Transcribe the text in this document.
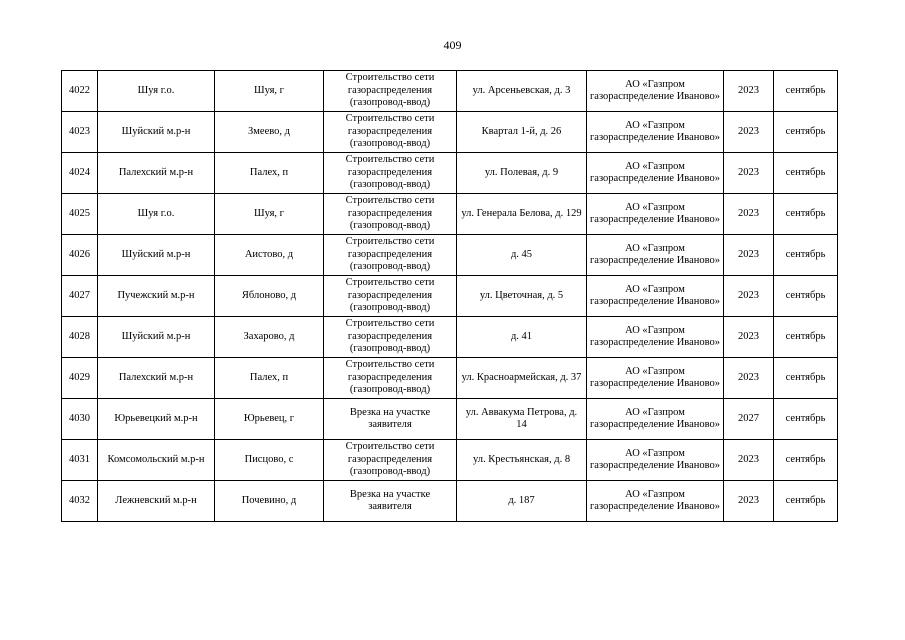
409
4022	Шуя г.о.	Шуя, г	Строительство сети газораспределения (газопровод-ввод)	ул. Арсеньевская, д. 3	АО «Газпром газораспределение Иваново»	2023	сентябрь
4023	Шуйский м.р-н	Змеево, д	Строительство сети газораспределения (газопровод-ввод)	Квартал 1-й, д. 26	АО «Газпром газораспределение Иваново»	2023	сентябрь
4024	Палехский м.р-н	Палех, п	Строительство сети газораспределения (газопровод-ввод)	ул. Полевая, д. 9	АО «Газпром газораспределение Иваново»	2023	сентябрь
4025	Шуя г.о.	Шуя, г	Строительство сети газораспределения (газопровод-ввод)	ул. Генерала Белова, д. 129	АО «Газпром газораспределение Иваново»	2023	сентябрь
4026	Шуйский м.р-н	Аистово, д	Строительство сети газораспределения (газопровод-ввод)	д. 45	АО «Газпром газораспределение Иваново»	2023	сентябрь
4027	Пучежский м.р-н	Яблоново, д	Строительство сети газораспределения (газопровод-ввод)	ул. Цветочная, д. 5	АО «Газпром газораспределение Иваново»	2023	сентябрь
4028	Шуйский м.р-н	Захарово, д	Строительство сети газораспределения (газопровод-ввод)	д. 41	АО «Газпром газораспределение Иваново»	2023	сентябрь
4029	Палехский м.р-н	Палех, п	Строительство сети газораспределения (газопровод-ввод)	ул. Красноармейская, д. 37	АО «Газпром газораспределение Иваново»	2023	сентябрь
4030	Юрьевецкий м.р-н	Юрьевец, г	Врезка на участке заявителя	ул. Аввакума Петрова, д. 14	АО «Газпром газораспределение Иваново»	2027	сентябрь
4031	Комсомольский м.р-н	Писцово, с	Строительство сети газораспределения (газопровод-ввод)	ул. Крестьянская, д. 8	АО «Газпром газораспределение Иваново»	2023	сентябрь
4032	Лежневский м.р-н	Почевино, д	Врезка на участке заявителя	д. 187	АО «Газпром газораспределение Иваново»	2023	сентябрь
